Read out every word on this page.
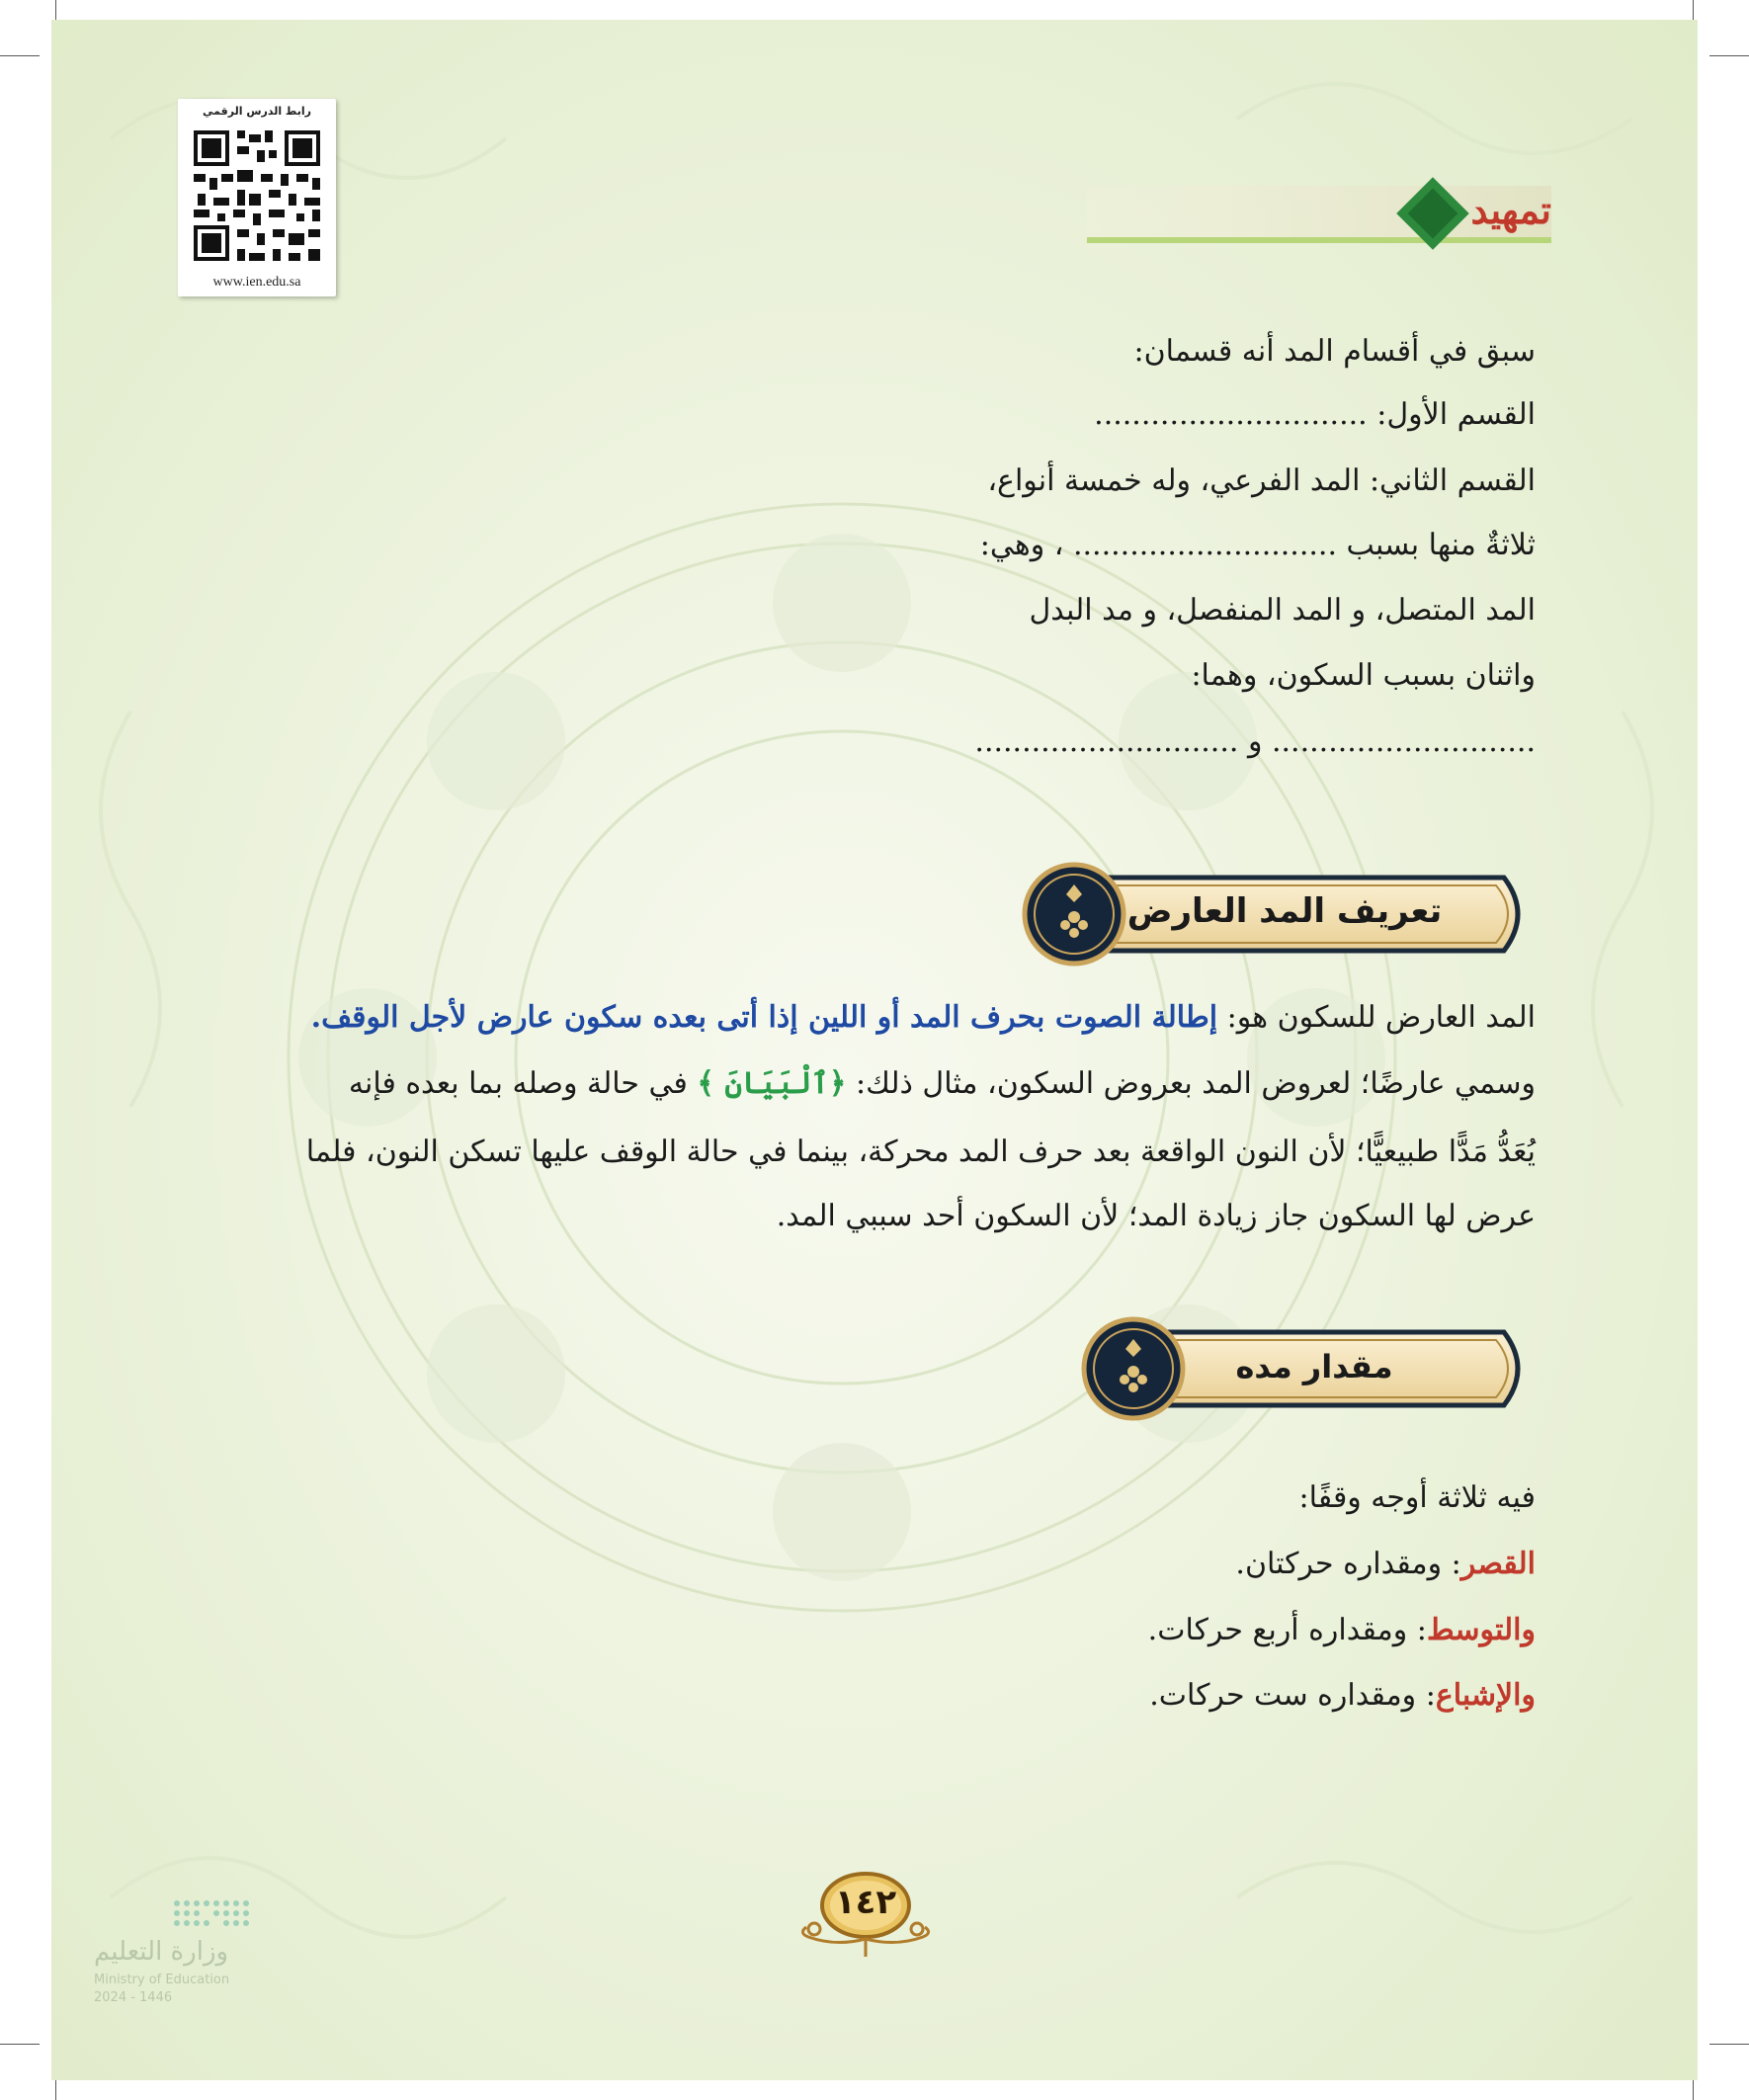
رابط الدرس الرقمي
www.ien.edu.sa
تمهيد
سبق في أقسام المد أنه قسمان:
القسم الأول: .............................
القسم الثاني: المد الفرعي، وله خمسة أنواع،
ثلاثةٌ منها بسبب ............................ ، وهي:
المد المتصل، و المد المنفصل، و مد البدل
واثنان بسبب السكون، وهما:
............................ و ............................
تعريف المد العارض
المد العارض للسكون هو: إطالة الصوت بحرف المد أو اللين إذا أتى بعده سكون عارض لأجل الوقف.
وسمي عارضًا؛ لعروض المد بعروض السكون، مثال ذلك: ﴿ٱلْبَيَانَ ﴾ في حالة وصله بما بعده فإنه
يُعَدُّ مَدًّا طبيعيًّا؛ لأن النون الواقعة بعد حرف المد محركة، بينما في حالة الوقف عليها تسكن النون، فلما
عرض لها السكون جاز زيادة المد؛ لأن السكون أحد سببي المد.
مقدار مده
فيه ثلاثة أوجه وقفًا:
القصر: ومقداره حركتان.
والتوسط: ومقداره أربع حركات.
والإشباع: ومقداره ست حركات.
١٤٢
وزارة التعليم
Ministry of Education
2024 - 1446
